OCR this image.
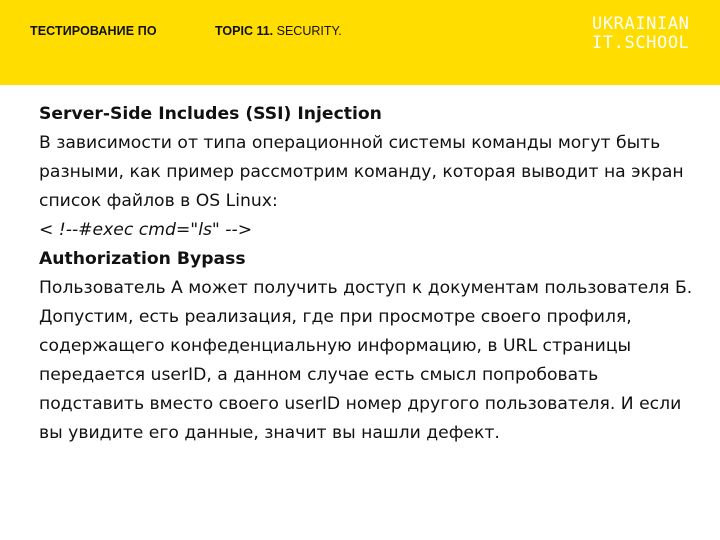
ТЕСТИРОВАНИЕ ПО	TOPIC 11. SECURITY.	UKRAINIAN
IT.SCHOOL

Server-Side Includes (SSI) Injection

В зависимости от типа операционной системы команды могут быть разными, как пример рассмотрим команду, которая выводит на экран список файлов в OS Linux:

< !--#exec cmd="ls" -->

Authorization Bypass

Пользователь А может получить доступ к документам пользователя Б. Допустим, есть реализация, где при просмотре своего профиля, содержащего конфеденциальную информацию, в URL страницы передается userID, а данном случае есть смысл попробовать подставить вместо своего userID номер другого пользователя. И если вы увидите его данные, значит вы нашли дефект.
